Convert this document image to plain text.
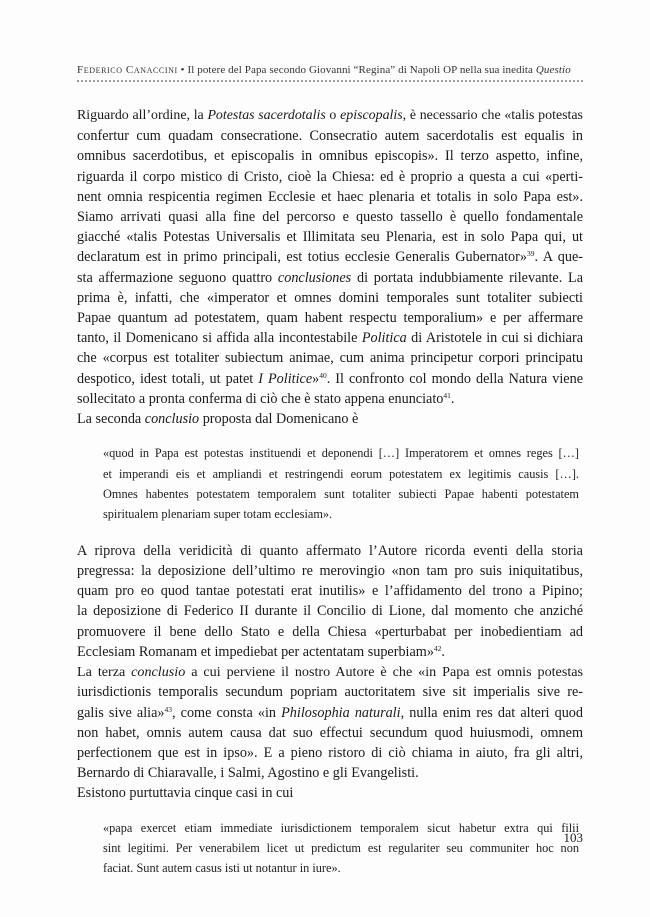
Federico Canaccini • Il potere del Papa secondo Giovanni “Regina” di Napoli OP nella sua inedita Questio
Riguardo all’ordine, la Potestas sacerdotalis o episcopalis, è necessario che «talis potestas
confertur cum quadam consecratione. Consecratio autem sacerdotalis est equalis in
omnibus sacerdotibus, et episcopalis in omnibus episcopis». Il terzo aspetto, infine,
riguarda il corpo mistico di Cristo, cioè la Chiesa: ed è proprio a questa a cui «perti-
nent omnia respicentia regimen Ecclesie et haec plenaria et totalis in solo Papa est».
Siamo arrivati quasi alla fine del percorso e questo tassello è quello fondamentale
giacché «talis Potestas Universalis et Illimitata seu Plenaria, est in solo Papa qui, ut
declaratum est in primo principali, est totius ecclesie Generalis Gubernator»$^{39}$. A que-
sta affermazione seguono quattro conclusiones di portata indubbiamente rilevante. La
prima è, infatti, che «imperator et omnes domini temporales sunt totaliter subiecti
Papae quantum ad potestatem, quam habent respectu temporalium» e per affermare
tanto, il Domenicano si affida alla incontestabile Politica di Aristotele in cui si dichiara
che «corpus est totaliter subiectum animae, cum anima principetur corpori principatu
despotico, idest totali, ut patet I Politice»$^{40}$. Il confronto col mondo della Natura viene
sollecitato a pronta conferma di ciò che è stato appena enunciato$^{41}$.
La seconda conclusio proposta dal Domenicano è
«quod in Papa est potestas instituendi et deponendi […] Imperatorem et omnes reges […]
et imperandi eis et ampliandi et restringendi eorum potestatem ex legitimis causis […].
Omnes habentes potestatem temporalem sunt totaliter subiecti Papae habenti potestatem
spiritualem plenariam super totam ecclesiam».
A riprova della veridicità di quanto affermato l’Autore ricorda eventi della storia
pregressa: la deposizione dell’ultimo re merovingio «non tam pro suis iniquitatibus,
quam pro eo quod tantae potestati erat inutilis» e l’affidamento del trono a Pipino;
la deposizione di Federico II durante il Concilio di Lione, dal momento che anziché
promuovere il bene dello Stato e della Chiesa «perturbabat per inobedientiam ad
Ecclesiam Romanam et impediebat per actentatam superbiam»$^{42}$.
La terza conclusio a cui perviene il nostro Autore è che «in Papa est omnis potestas
iurisdictionis temporalis secundum popriam auctoritatem sive sit imperialis sive re-
galis sive alia»$^{43}$, come consta «in Philosophia naturali, nulla enim res dat alteri quod
non habet, omnis autem causa dat suo effectui secundum quod huiusmodi, omnem
perfectionem que est in ipso». E a pieno ristoro di ciò chiama in aiuto, fra gli altri,
Bernardo di Chiaravalle, i Salmi, Agostino e gli Evangelisti.
Esistono purtuttavia cinque casi in cui
«papa exercet etiam immediate iurisdictionem temporalem sicut habetur extra qui filii
sint legitimi. Per venerabilem licet ut predictum est regulariter seu communiter hoc non
faciat. Sunt autem casus isti ut notantur in iure».
103
